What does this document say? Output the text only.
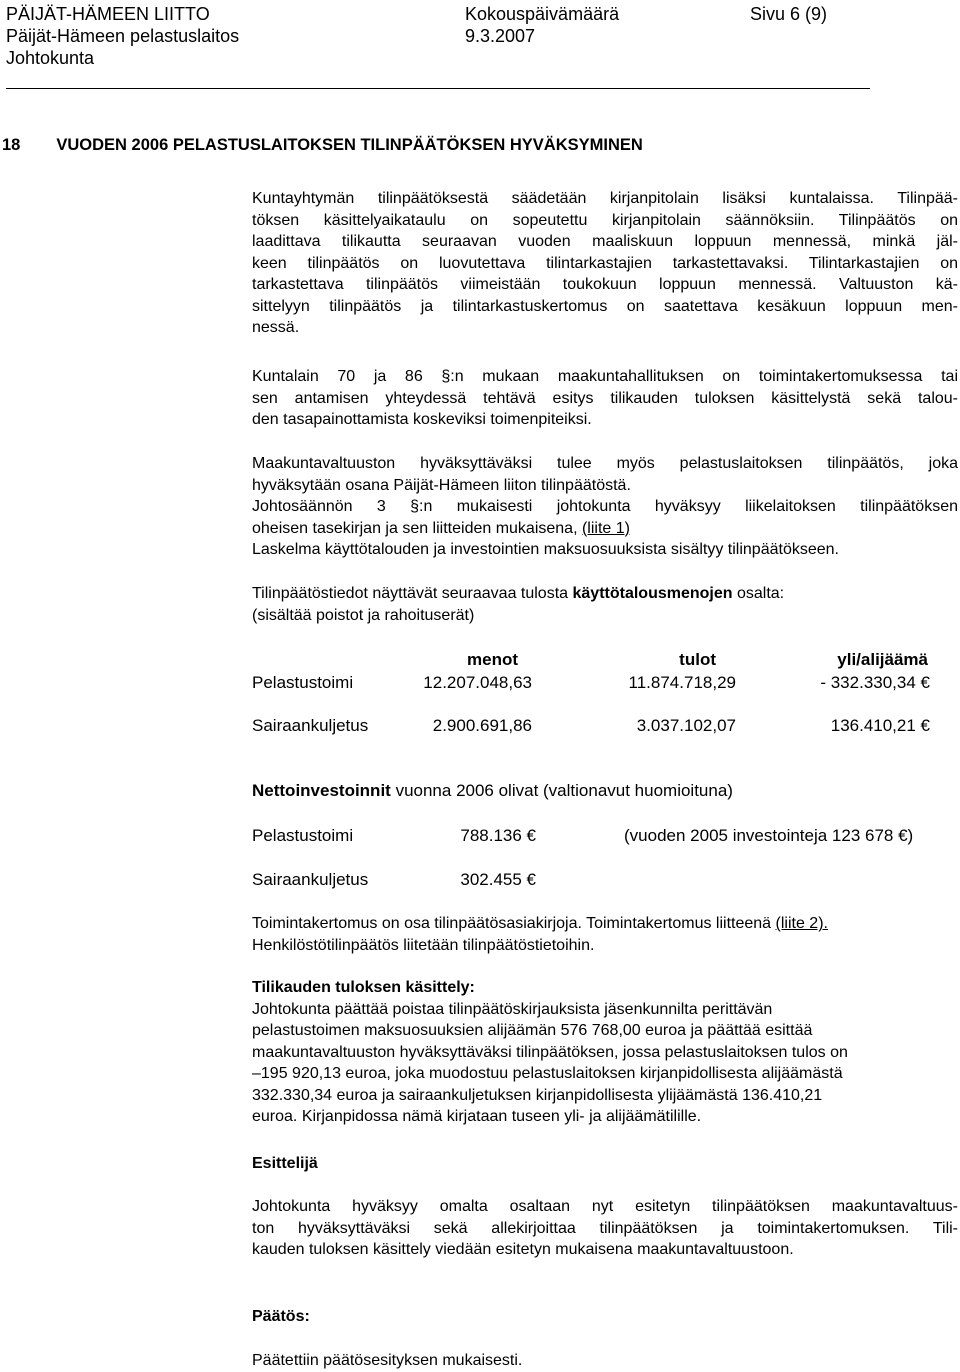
PÄIJÄT-HÄMEEN LIITTO
Päijät-Hämeen pelastuslaitos
Johtokunta
Kokouspäivämäärä
9.3.2007
Sivu 6 (9)
18 VUODEN 2006 PELASTUSLAITOKSEN TILINPÄÄTÖKSEN HYVÄKSYMINEN
Kuntayhtymän tilinpäätöksestä säädetään kirjanpitolain lisäksi kuntalaissa. Tilinpää-
töksen käsittelyaikataulu on sopeutettu kirjanpitolain säännöksiin. Tilinpäätös on
laadittava tilikautta seuraavan vuoden maaliskuun loppuun mennessä, minkä jäl-
keen tilinpäätös on luovutettava tilintarkastajien tarkastettavaksi. Tilintarkastajien on
tarkastettava tilinpäätös viimeistään toukokuun loppuun mennessä. Valtuuston kä-
sittelyyn tilinpäätös ja tilintarkastuskertomus on saatettava kesäkuun loppuun men-
nessä.
Kuntalain 70 ja 86 §:n mukaan maakuntahallituksen on toimintakertomuksessa tai
sen antamisen yhteydessä tehtävä esitys tilikauden tuloksen käsittelystä sekä talou-
den tasapainottamista koskeviksi toimenpiteiksi.
Maakuntavaltuuston hyväksyttäväksi tulee myös pelastuslaitoksen tilinpäätös, joka
hyväksytään osana Päijät-Hämeen liiton tilinpäätöstä.
Johtosäännön 3 §:n mukaisesti johtokunta hyväksyy liikelaitoksen tilinpäätöksen
oheisen tasekirjan ja sen liitteiden mukaisena, (liite 1)
Laskelma käyttötalouden ja investointien maksuosuuksista sisältyy tilinpäätökseen.
Tilinpäätöstiedot näyttävät seuraavaa tulosta käyttötalousmenojen osalta:
(sisältää poistot ja rahoituserät)
menot	tulot	yli/alijäämä
Pelastustoimi	12.207.048,63	11.874.718,29	- 332.330,34 €
Sairaankuljetus	2.900.691,86	3.037.102,07	136.410,21 €
Nettoinvestoinnit vuonna 2006 olivat (valtionavut huomioituna)
Pelastustoimi	788.136 €	(vuoden 2005 investointeja 123 678 €)
Sairaankuljetus	302.455 €
Toimintakertomus on osa tilinpäätösasiakirjoja. Toimintakertomus liitteenä (liite 2).
Henkilöstötilinpäätös liitetään tilinpäätöstietoihin.
Tilikauden tuloksen käsittely:
Johtokunta päättää poistaa tilinpäätöskirjauksista jäsenkunnilta perittävän
pelastustoimen maksuosuuksien alijäämän 576 768,00 euroa ja päättää esittää
maakuntavaltuuston hyväksyttäväksi tilinpäätöksen, jossa pelastuslaitoksen tulos on
–195 920,13 euroa, joka muodostuu pelastuslaitoksen kirjanpidollisesta alijäämästä
332.330,34 euroa ja sairaankuljetuksen kirjanpidollisesta ylijäämästä 136.410,21
euroa. Kirjanpidossa nämä kirjataan tuseen yli- ja alijäämätilille.
Esittelijä
Johtokunta hyväksyy omalta osaltaan nyt esitetyn tilinpäätöksen maakuntavaltuus-
ton hyväksyttäväksi sekä allekirjoittaa tilinpäätöksen ja toimintakertomuksen. Tili-
kauden tuloksen käsittely viedään esitetyn mukaisena maakuntavaltuustoon.
Päätös:
Päätettiin päätösesityksen mukaisesti.
